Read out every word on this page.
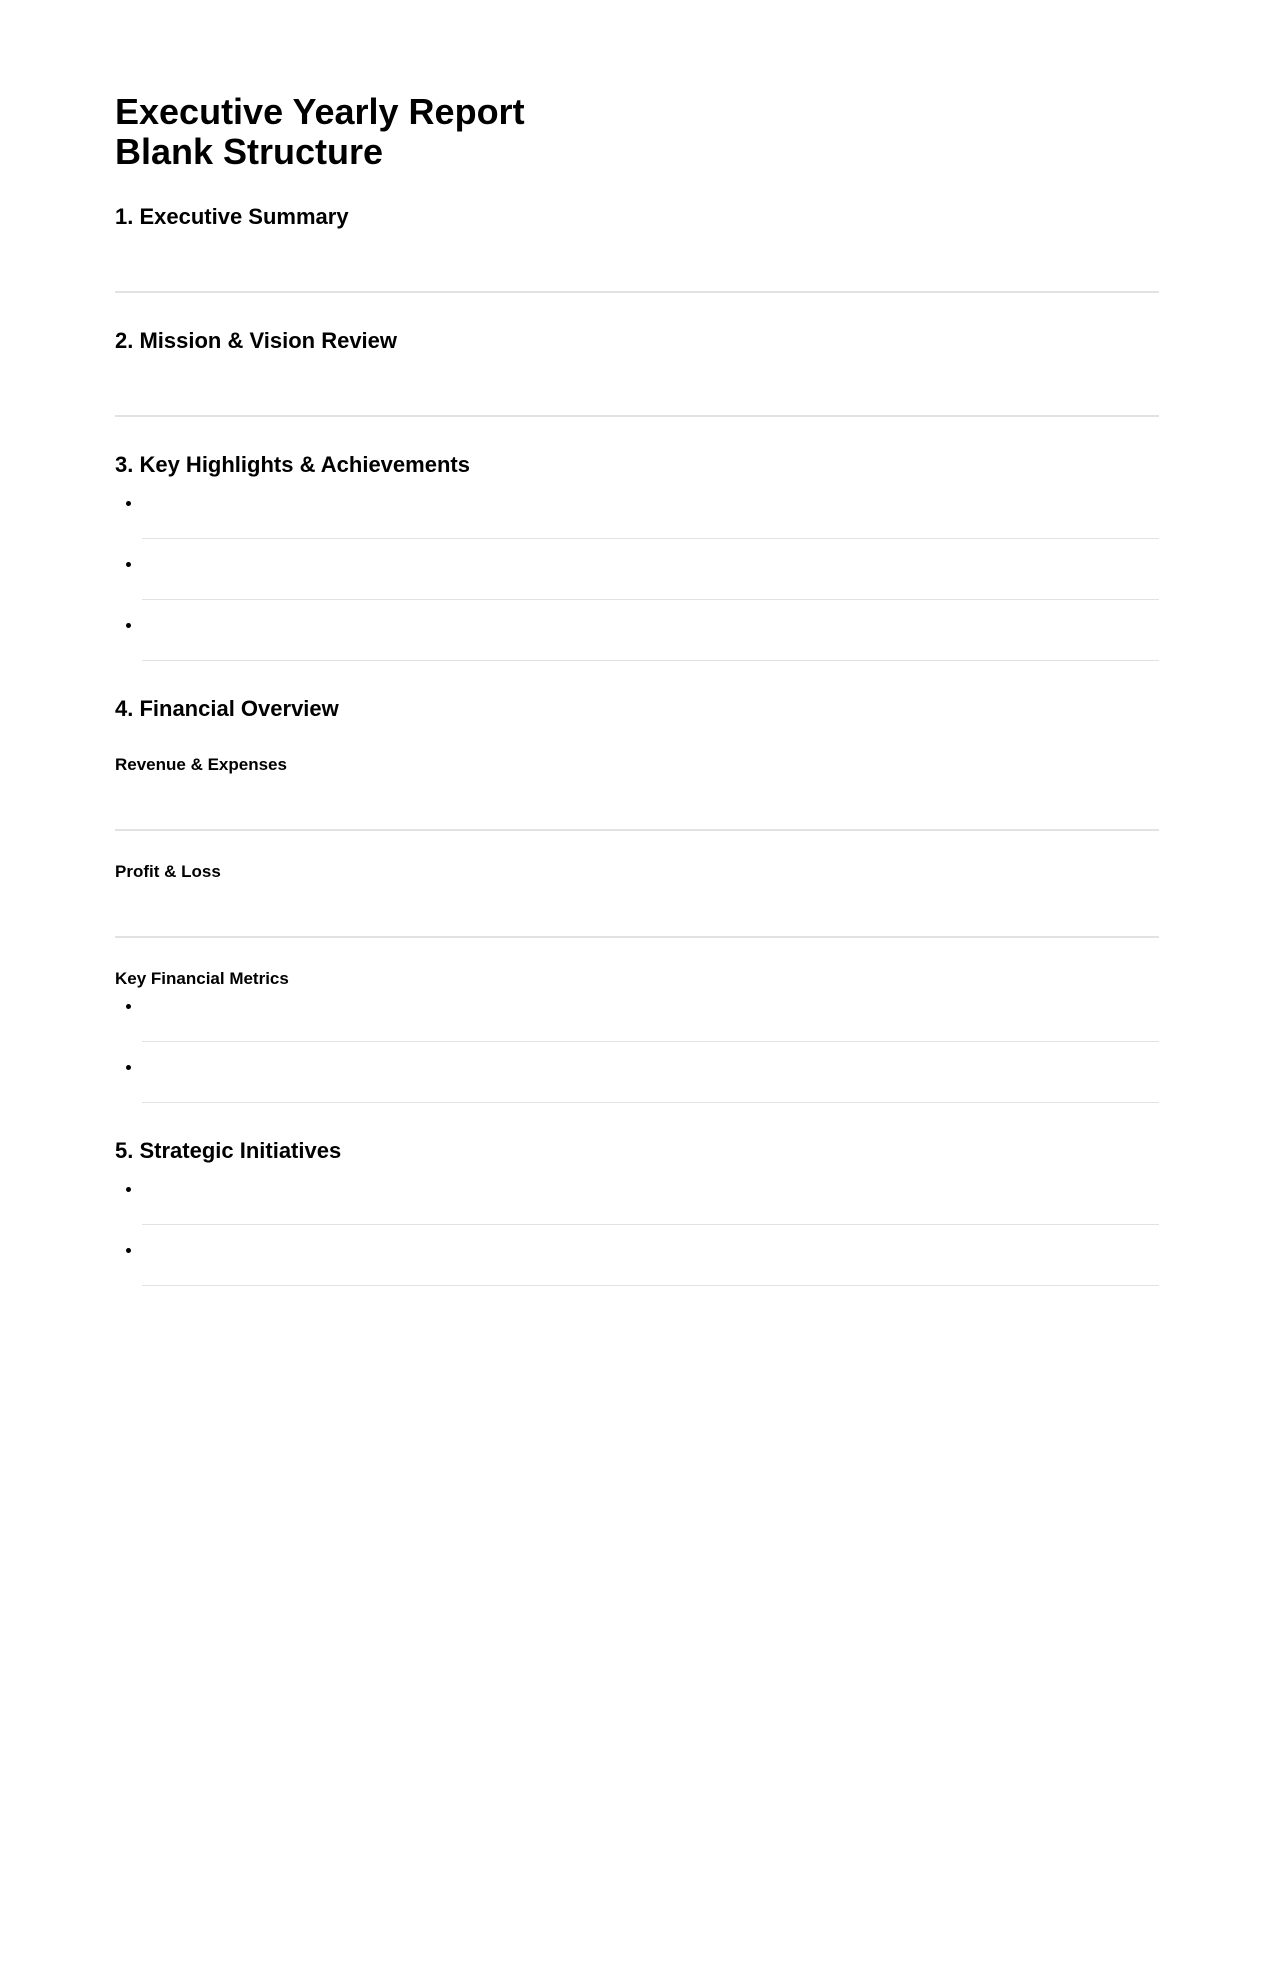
Executive Yearly Report
Blank Structure
1. Executive Summary
2. Mission & Vision Review
3. Key Highlights & Achievements
4. Financial Overview
Revenue & Expenses
Profit & Loss
Key Financial Metrics
5. Strategic Initiatives
